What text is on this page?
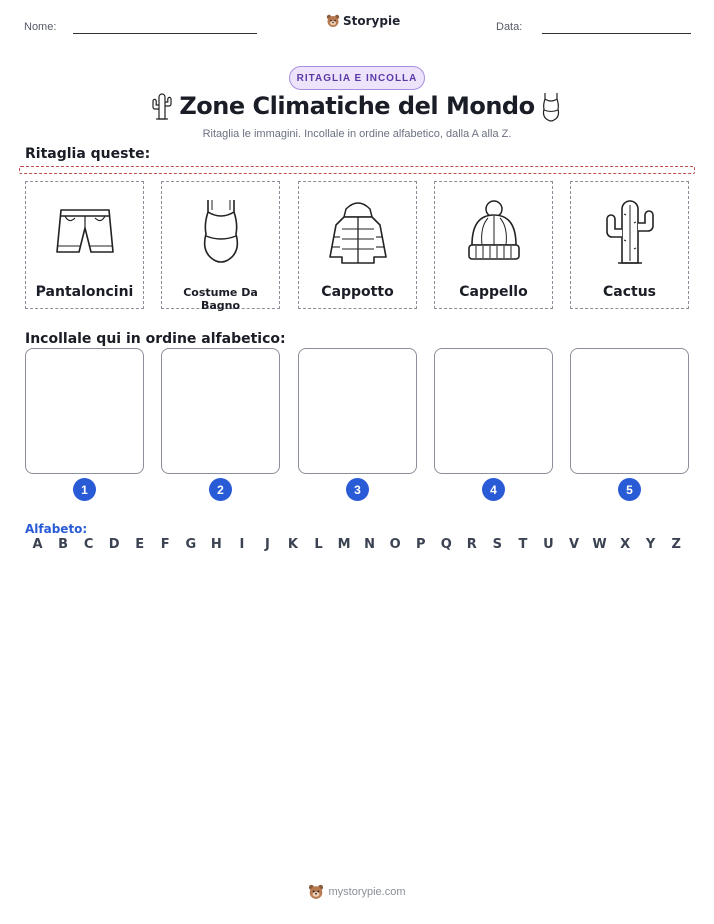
Nome:	Storypie	Data:
RITAGLIA E INCOLLA
Zone Climatiche del Mondo
Ritaglia le immagini. Incollale in ordine alfabetico, dalla A alla Z.
Ritaglia queste:
Pantaloncini	Costume Da Bagno
Cappotto	Cappello	Cactus
Incollale qui in ordine alfabetico:
1	2	3	4	5
Alfabeto:
A	B	C	D	E	F	G	H	I	J	K	L	M	N	O	P	Q	R	S	T	U	V	W	X	Y	Z
mystorypie.com
